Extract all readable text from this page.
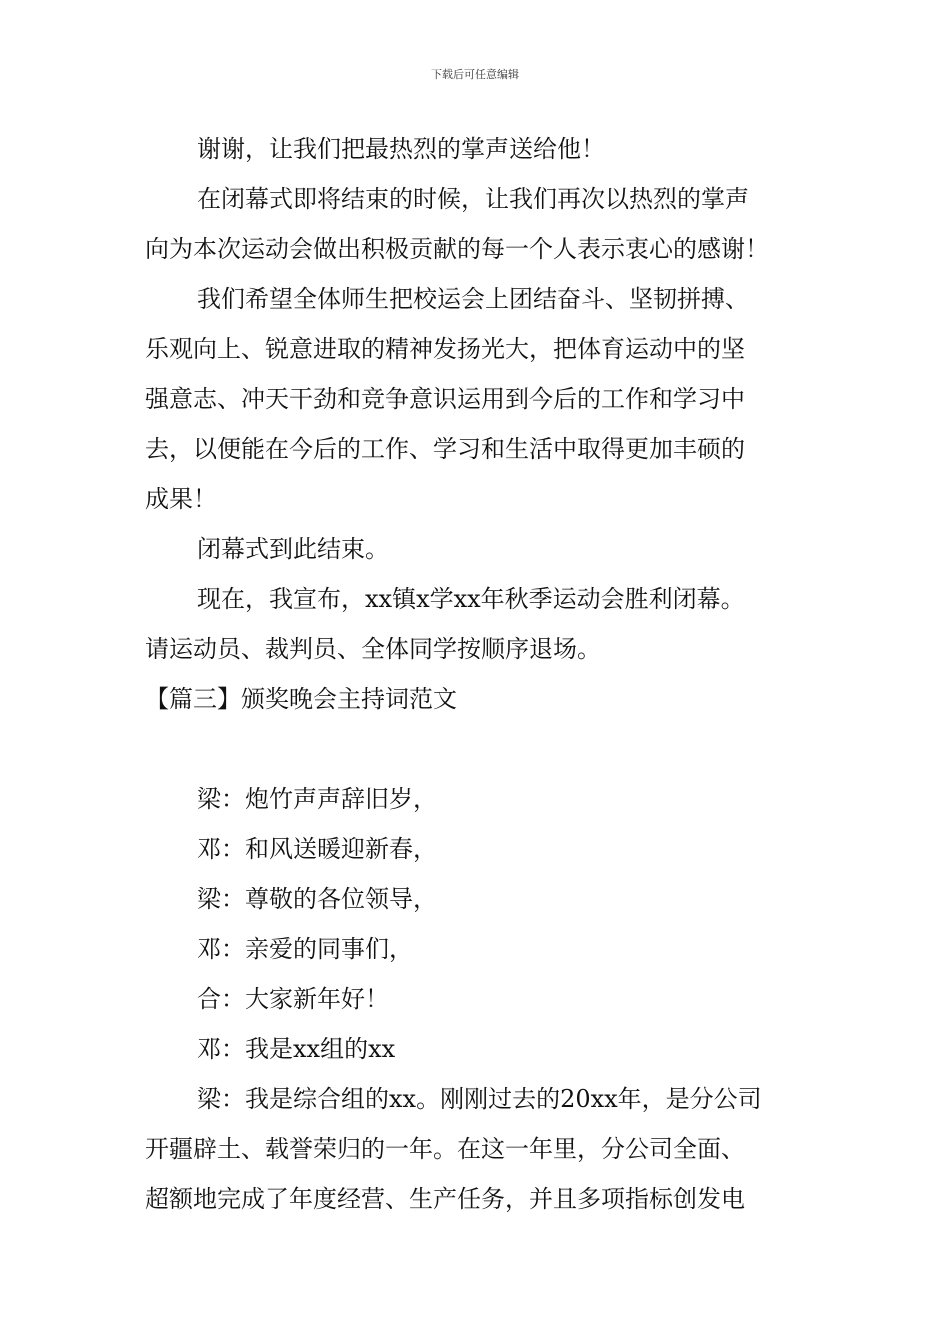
下载后可任意编辑
谢谢，让我们把最热烈的掌声送给他！
在闭幕式即将结束的时候，让我们再次以热烈的掌声
向为本次运动会做出积极贡献的每一个人表示衷心的感谢！
我们希望全体师生把校运会上团结奋斗、坚韧拼搏、
乐观向上、锐意进取的精神发扬光大，把体育运动中的坚
强意志、冲天干劲和竞争意识运用到今后的工作和学习中
去，以便能在今后的工作、学习和生活中取得更加丰硕的
成果！
闭幕式到此结束。
现在，我宣布，xx镇x学xx年秋季运动会胜利闭幕。
请运动员、裁判员、全体同学按顺序退场。
【篇三】颁奖晚会主持词范文
梁：炮竹声声辞旧岁，
邓：和风送暖迎新春，
梁：尊敬的各位领导，
邓：亲爱的同事们，
合：大家新年好！
邓：我是xx组的xx
梁：我是综合组的xx。刚刚过去的20xx年，是分公司
开疆辟土、载誉荣归的一年。在这一年里，分公司全面、
超额地完成了年度经营、生产任务，并且多项指标创发电
